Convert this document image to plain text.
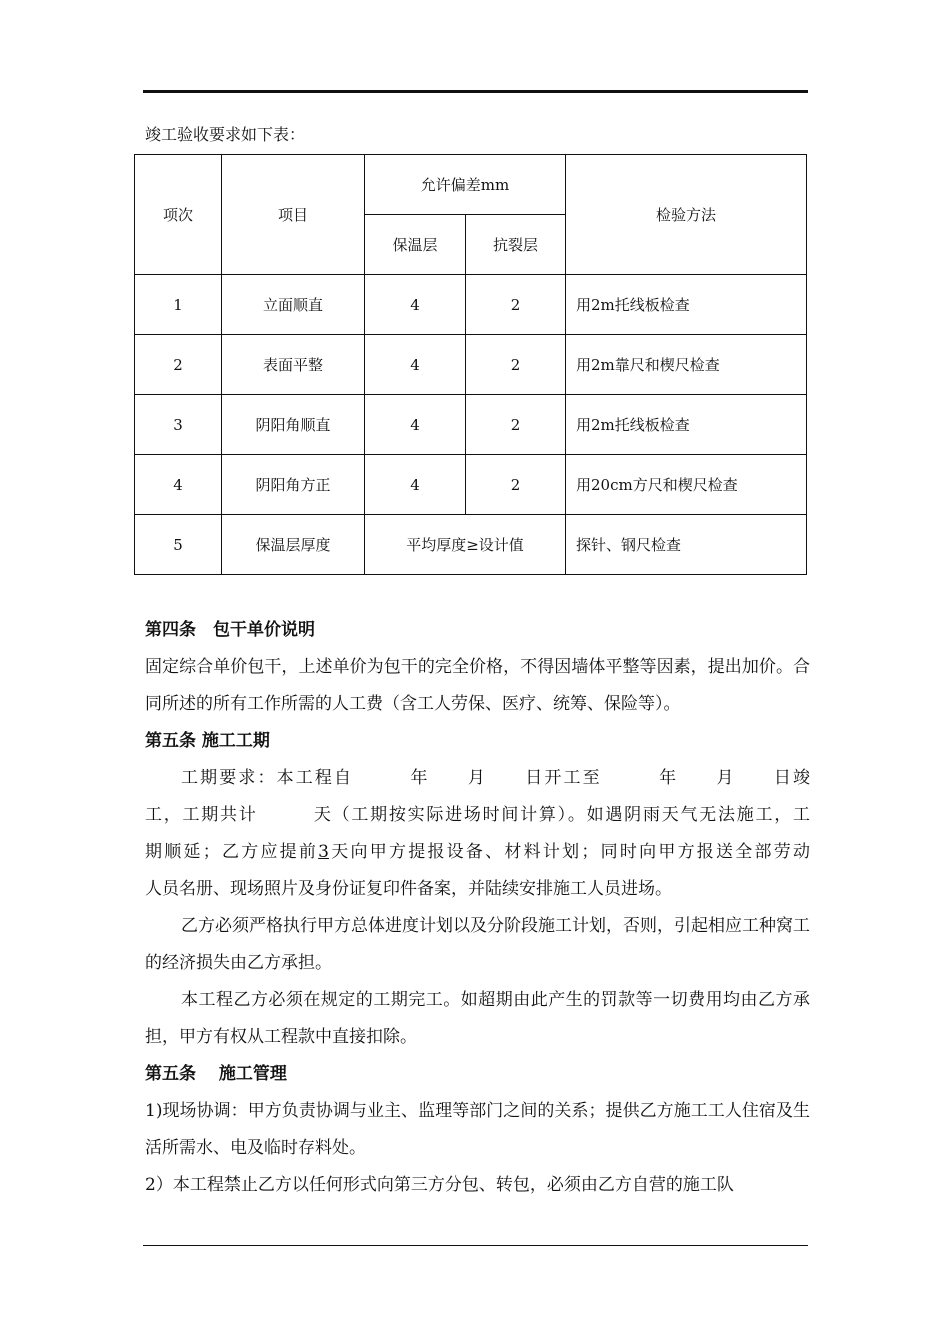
竣工验收要求如下表：
项次	项目	允许偏差mm		检验方法
		保温层	抗裂层	
1	立面顺直	4	2	用2m托线板检查
2	表面平整	4	2	用2m靠尺和楔尺检查
3	阴阳角顺直	4	2	用2m托线板检查
4	阴阳角方正	4	2	用20cm方尺和楔尺检查
5	保温层厚度	平均厚度≥设计值		探针、钢尺检查

第四条　包干单价说明

固定综合单价包干，上述单价为包干的完全价格，不得因墙体平整等因素，提出加价。合同所述的所有工作所需的人工费（含工人劳保、医疗、统筹、保险等）。

第五条 施工工期

工期要求：本工程自　　　年　　月　　日开工至　　　年　　月　　日竣

工，工期共计　　　天（工期按实际进场时间计算）。如遇阴雨天气无法施工，工

期顺延；乙方应提前3天向甲方提报设备、材料计划；同时向甲方报送全部劳动

人员名册、现场照片及身份证复印件备案，并陆续安排施工人员进场。

乙方必须严格执行甲方总体进度计划以及分阶段施工计划，否则，引起相应工种窝工的经济损失由乙方承担。

本工程乙方必须在规定的工期完工。如超期由此产生的罚款等一切费用均由乙方承担，甲方有权从工程款中直接扣除。

第五条　 施工管理

1)现场协调：甲方负责协调与业主、监理等部门之间的关系；提供乙方施工工人住宿及生活所需水、电及临时存料处。

2）本工程禁止乙方以任何形式向第三方分包、转包，必须由乙方自营的施工队
